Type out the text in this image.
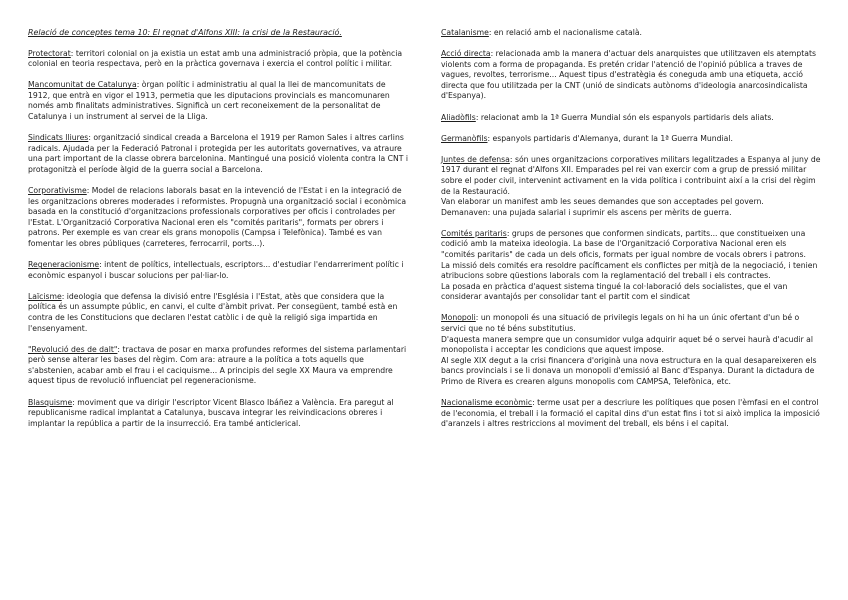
Relació de conceptes tema 10: El regnat d'Alfons XIII: la crisi de la Restauració.

Protectorat: territori colonial on ja existia un estat amb una administració pròpia, que la potència colonial en teoria respectava, però en la pràctica governava i exercia el control polític i militar.

Mancomunitat de Catalunya: òrgan polític i administratiu al qual la llei de mancomunitats de 1912, que entrà en vigor el 1913, permetia que les diputacions provincials es mancomunaren només amb finalitats administratives. Significà un cert reconeixement de la personalitat de Catalunya i un instrument al servei de la Lliga.

Sindicats lliures: organització sindical creada a Barcelona el 1919 per Ramon Sales i altres carlins radicals. Ajudada per la Federació Patronal i protegida per les autoritats governatives, va atraure una part important de la classe obrera barcelonina. Mantingué una posició violenta contra la CNT i protagonitzà el període àlgid de la guerra social a Barcelona.

Corporativisme: Model de relacions laborals basat en la intevenció de l'Estat i en la integració de les organitzacions obreres moderades i reformistes. Propugnà una organització social i econòmica basada en la constitució d'organitzacions professionals corporatives per oficis i controlades per l'Estat. L'Organització Corporativa Nacional eren els "comités paritaris", formats per obrers i patrons. Per exemple es van crear els grans monopolis (Campsa i Telefònica). També es van fomentar les obres públiques (carreteres, ferrocarril, ports...).

Regeneracionisme: intent de polítics, intellectuals, escriptors... d'estudiar l'endarreriment polític i econòmic espanyol i buscar solucions per pal·liar-lo.

Laïcisme: ideologia que defensa la divisió entre l'Església i l'Estat, atès que considera que la política és un assumpte públic, en canvi, el culte d'àmbit privat. Per consegüent, també està en contra de les Constitucions que declaren l'estat catòlic i de què la religió siga impartida en l'ensenyament.

"Revolució des de dalt": tractava de posar en marxa profundes reformes del sistema parlamentari però sense alterar les bases del règim. Com ara: atraure a la política a tots aquells que s'abstenien, acabar amb el frau i el caciquisme... A principis del segle XX Maura va emprendre aquest tipus de revolució influenciat pel regeneracionisme.

Blasquisme: moviment que va dirigir l'escriptor Vicent Blasco Ibáñez a València. Era paregut al republicanisme radical implantat a Catalunya, buscava integrar les reivindicacions obreres i implantar la república a partir de la insurrecció. Era també anticlerical.

Catalanisme: en relació amb el nacionalisme català.

Acció directa: relacionada amb la manera d'actuar dels anarquistes que utilitzaven els atemptats violents com a forma de propaganda. Es pretén cridar l'atenció de l'opinió pública a traves de vagues, revoltes, terrorisme... Aquest tipus d'estratègia és coneguda amb una etiqueta, acció directa que fou utilitzada per la CNT (unió de sindicats autònoms d'ideologia anarcosindicalista d'Espanya).

Aliadòfils: relacionat amb la 1ª Guerra Mundial són els espanyols partidaris dels aliats.

Germanòfils: espanyols partidaris d'Alemanya, durant la 1ª Guerra Mundial.

Juntes de defensa: són unes organitzacions corporatives militars legalitzades a Espanya al juny de 1917 durant el regnat d'Alfons XII. Emparades pel rei van exercir com a grup de pressió militar sobre el poder civil, intervenint activament en la vida política i contribuint així a la crisi del règim de la Restauració.

Van elaborar un manifest amb les seues demandes que son acceptades pel govern.

Demanaven: una pujada salarial i suprimir els ascens per mèrits de guerra.

Comités paritaris: grups de persones que conformen sindicats, partits... que constitueixen una codició amb la mateixa ideologia. La base de l'Organització Corporativa Nacional eren els "comités paritaris" de cada un dels oficis, formats per igual nombre de vocals obrers i patrons.

La missió dels comités era resoldre pacíficament els conflictes per mitjà de la negociació, i tenien atribucions sobre qüestions laborals com la reglamentació del treball i els contractes.

La posada en pràctica d'aquest sistema tingué la col·laboració dels socialistes, que el van considerar avantajós per consolidar tant el partit com el sindicat

Monopoli: un monopoli és una situació de privilegis legals on hi ha un únic ofertant d'un bé o servici que no té béns substitutius.

D'aquesta manera sempre que un consumidor vulga adquirir aquet bé o servei haurà d'acudir al monopolista i acceptar les condicions que aquest impose.

Al segle XIX degut a la crisi financera d'originà una nova estructura en la qual desapareixeren els bancs provincials i se li donava un monopoli d'emissió al Banc d'Espanya. Durant la dictadura de Primo de Rivera es crearen alguns monopolis com CAMPSA, Telefònica, etc.

Nacionalisme econòmic: terme usat per a descriure les polítiques que posen l'èmfasi en el control de l'economia, el treball i la formació el capital dins d'un estat fins i tot si això implica la imposició d'aranzels i altres restriccions al moviment del treball, els béns i el capital.
